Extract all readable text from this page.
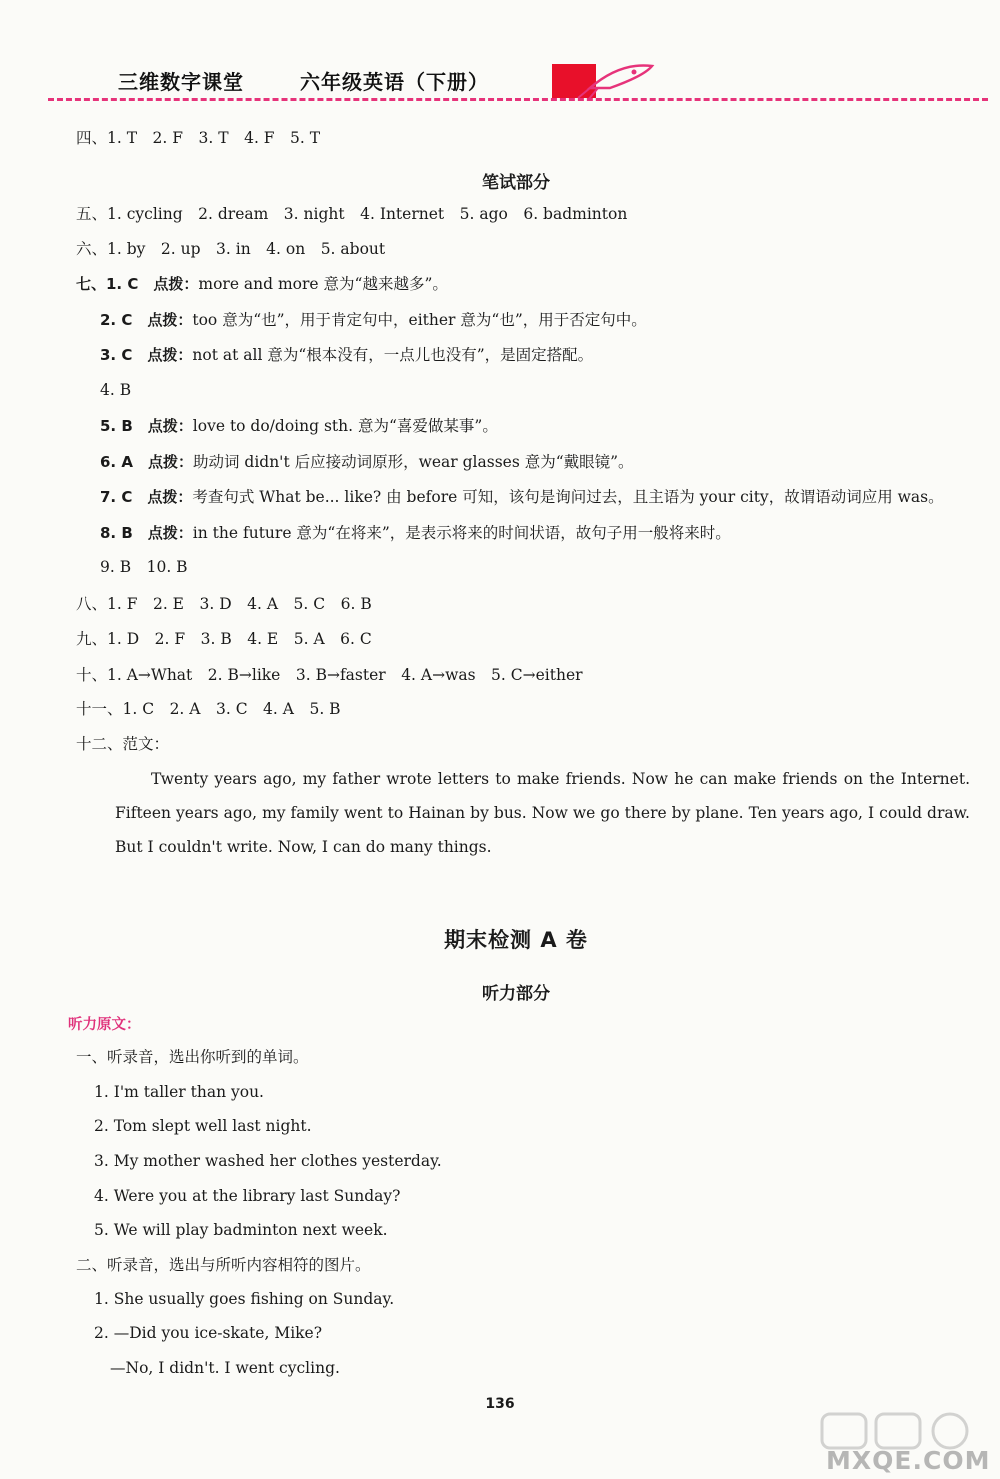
三维数字课堂	六年级英语（下册）
四、1. T　2. F　3. T　4. F　5. T
笔试部分
五、1. cycling　2. dream　3. night　4. Internet　5. ago　6. badminton
六、1. by　2. up　3. in　4. on　5. about
七、1. C　点拨：more and more 意为“越来越多”。
2. C　点拨：too 意为“也”，用于肯定句中，either 意为“也”，用于否定句中。
3. C　点拨：not at all 意为“根本没有，一点儿也没有”，是固定搭配。
4. B
5. B　点拨：love to do/doing sth. 意为“喜爱做某事”。
6. A　点拨：助动词 didn't 后应接动词原形，wear glasses 意为“戴眼镜”。
7. C　点拨：考查句式 What be... like? 由 before 可知，该句是询问过去，且主语为 your city，故谓语动词应用 was。
8. B　点拨：in the future 意为“在将来”，是表示将来的时间状语，故句子用一般将来时。
9. B　10. B
八、1. F　2. E　3. D　4. A　5. C　6. B
九、1. D　2. F　3. B　4. E　5. A　6. C
十、1. A→What　2. B→like　3. B→faster　4. A→was　5. C→either
十一、1. C　2. A　3. C　4. A　5. B
十二、范文：
Twenty years ago, my father wrote letters to make friends. Now he can make friends on the Internet. Fifteen years ago, my family went to Hainan by bus. Now we go there by plane. Ten years ago, I could draw. But I couldn't write. Now, I can do many things.
期末检测 A 卷
听力部分
听力原文：
一、听录音，选出你听到的单词。
1. I'm taller than you.
2. Tom slept well last night.
3. My mother washed her clothes yesterday.
4. Were you at the library last Sunday?
5. We will play badminton next week.
二、听录音，选出与所听内容相符的图片。
1. She usually goes fishing on Sunday.
2. —Did you ice-skate, Mike?
—No, I didn't. I went cycling.
136
MXQE.COM
